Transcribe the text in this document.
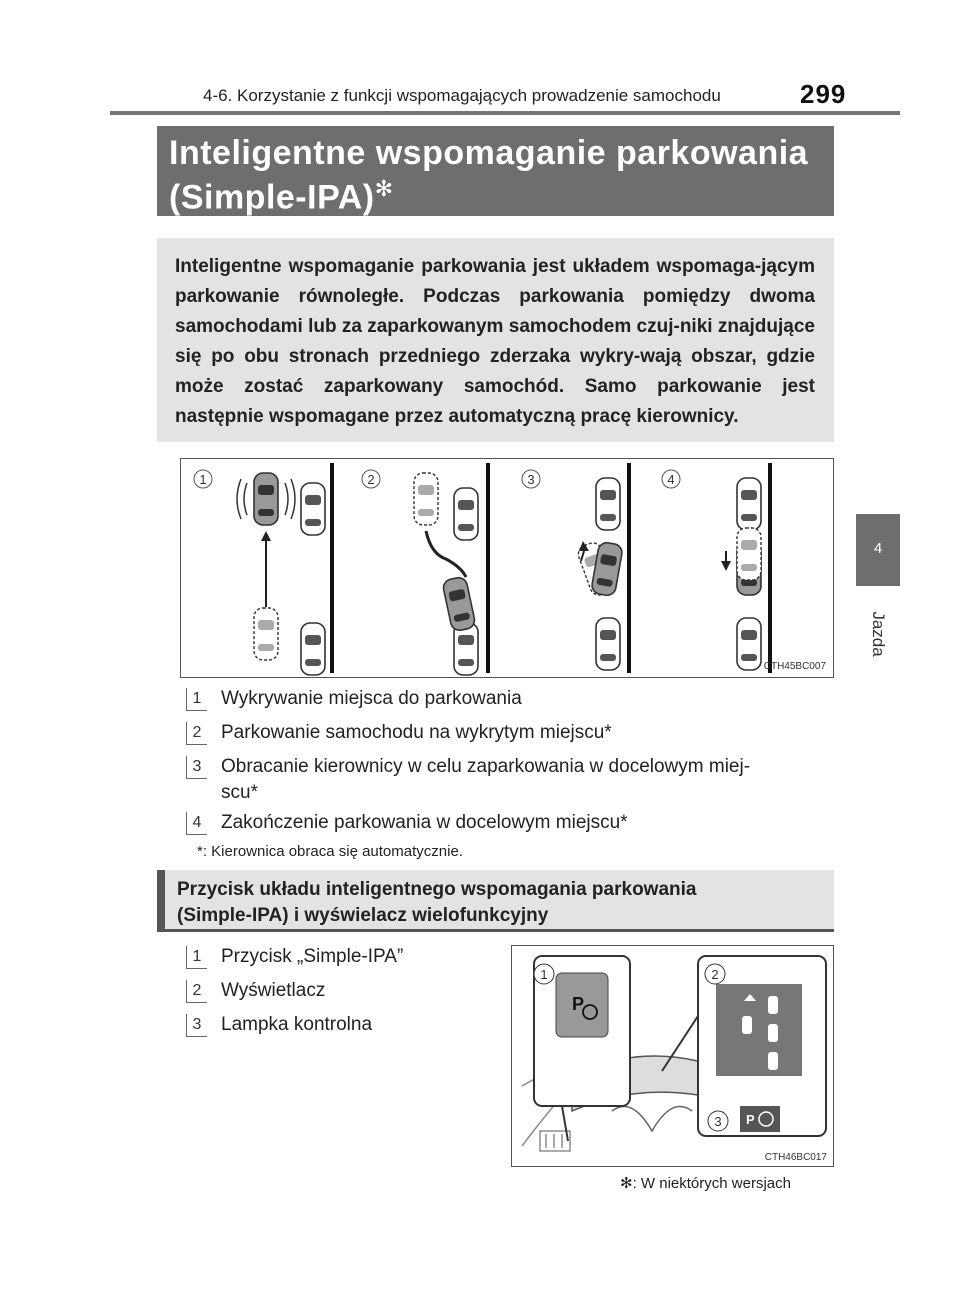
4-6. Korzystanie z funkcji wspomagających prowadzenie samochodu	299
4
Jazda
Inteligentne wspomaganie parkowania
(Simple-IPA)✻

Inteligentne wspomaganie parkowania jest układem wspomaga-jącym parkowanie równoległe. Podczas parkowania pomiędzy dwoma samochodami lub za zaparkowanym samochodem czuj-niki znajdujące się po obu stronach przedniego zderzaka wykry-wają obszar, gdzie może zostać zaparkowany samochód. Samo parkowanie jest następnie wspomagane przez automatyczną pracę kierownicy.

1	2	3	4
CTH45BC007
1 Wykrywanie miejsca do parkowania
2 Parkowanie samochodu na wykrytym miejscu*
3 Obracanie kierownicy w celu zaparkowania w docelowym miej-
scu*
4 Zakończenie parkowania w docelowym miejscu*
*: Kierownica obraca się automatycznie.

Przycisk układu inteligentnego wspomagania parkowania
(Simple-IPA) i wyświelacz wielofunkcyjny

1 Przycisk „Simple-IPA”
2 Wyświetlacz
3 Lampka kontrolna
P
1
P
2
3
CTH46BC017
✻: W niektórych wersjach
